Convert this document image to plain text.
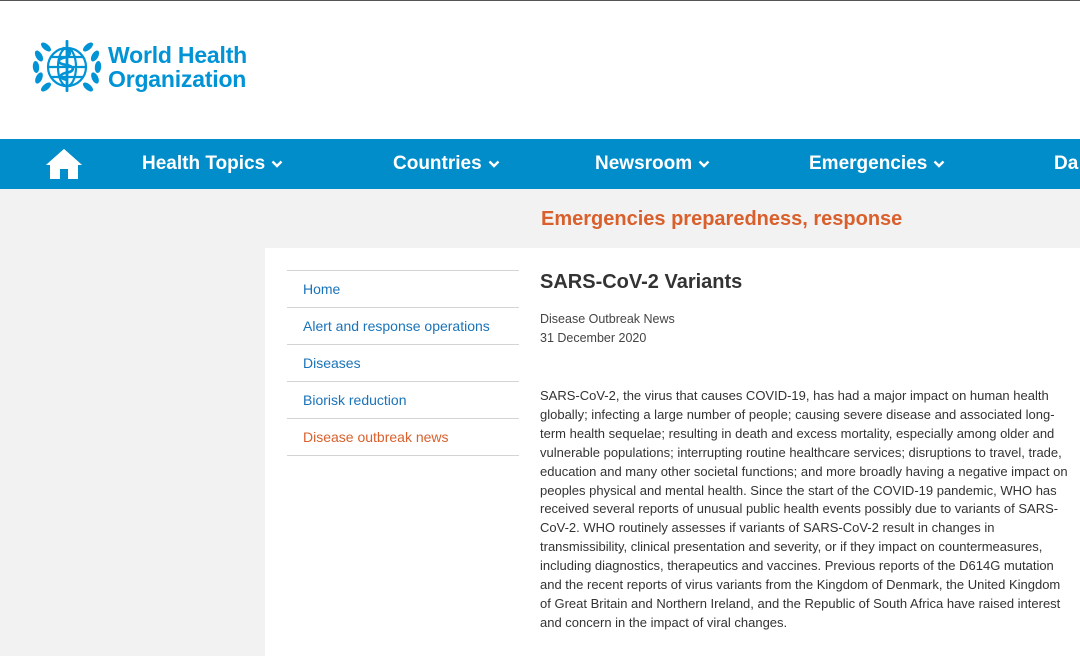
World Health
Organization
Health Topics	Countries	Newsroom	Emergencies	Da
Emergencies preparedness, response
Home
Alert and response operations
Diseases
Biorisk reduction
Disease outbreak news
SARS-CoV-2 Variants
Disease Outbreak News
31 December 2020

SARS-CoV-2, the virus that causes COVID-19, has had a major impact on human health globally; infecting a large number of people; causing severe disease and associated long-term health sequelae; resulting in death and excess mortality, especially among older and vulnerable populations; interrupting routine healthcare services; disruptions to travel, trade, education and many other societal functions; and more broadly having a negative impact on peoples physical and mental health. Since the start of the COVID-19 pandemic, WHO has received several reports of unusual public health events possibly due to variants of SARS-CoV-2. WHO routinely assesses if variants of SARS-CoV-2 result in changes in transmissibility, clinical presentation and severity, or if they impact on countermeasures, including diagnostics, therapeutics and vaccines. Previous reports of the D614G mutation and the recent reports of virus variants from the Kingdom of Denmark, the United Kingdom of Great Britain and Northern Ireland, and the Republic of South Africa have raised interest and concern in the impact of viral changes.
